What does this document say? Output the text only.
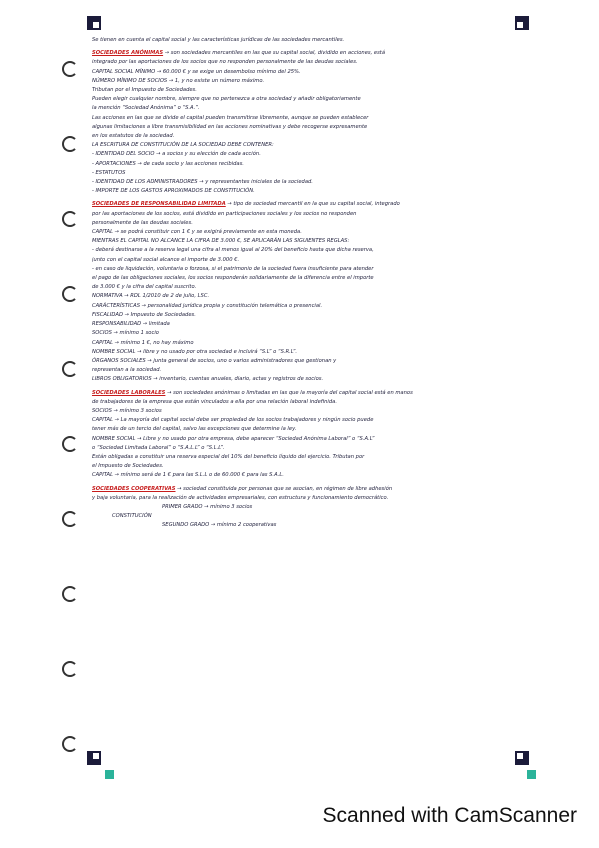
Se tienen en cuenta el capital social y las características jurídicas de las sociedades mercantiles.
SOCIEDADES ANÓNIMAS → son sociedades mercantiles en las que su capital social, dividido en acciones, está
integrado por las aportaciones de los socios que no responden personalmente de las deudas sociales.
CAPITAL SOCIAL MÍNIMO → 60.000 € y se exige un desembolso mínimo del 25%.
NÚMERO MÍNIMO DE SOCIOS → 1, y no existe un número máximo.
Tributan por el Impuesto de Sociedades.
Pueden elegir cualquier nombre, siempre que no pertenezca a otra sociedad y añadir obligatoriamente
la mención “Sociedad Anónima” o “S.A.”.
Las acciones en las que se divide el capital pueden transmitirse libremente, aunque se pueden establecer
algunas limitaciones a libre transmisibilidad en las acciones nominativas y debe recogerse expresamente
en los estatutos de la sociedad.
LA ESCRITURA DE CONSTITUCIÓN DE LA SOCIEDAD DEBE CONTENER:
- IDENTIDAD DEL SOCIO → a socios y su elección de cada acción.
- APORTACIONES → de cada socio y las acciones recibidas.
- ESTATUTOS
- IDENTIDAD DE LOS ADMINISTRADORES → y representantes iniciales de la sociedad.
- IMPORTE DE LOS GASTOS APROXIMADOS DE CONSTITUCIÓN.
SOCIEDADES DE RESPONSABILIDAD LIMITADA → tipo de sociedad mercantil en la que su capital social, integrado
por las aportaciones de los socios, está dividido en participaciones sociales y los socios no responden
personalmente de las deudas sociales.
CAPITAL → se podrá constituir con 1 € y se exigirá previamente en esta moneda.
MIENTRAS EL CAPITAL NO ALCANCE LA CIFRA DE 3.000 €, SE APLICARÁN LAS SIGUIENTES REGLAS:
- deberá destinarse a la reserva legal una cifra al menos igual al 20% del beneficio hasta que dicha reserva,
junto con el capital social alcance el importe de 3.000 €.
- en caso de liquidación, voluntaria o forzosa, si el patrimonio de la sociedad fuera insuficiente para atender
el pago de las obligaciones sociales, los socios responderán solidariamente de la diferencia entre el importe
de 3.000 € y la cifra del capital suscrito.
NORMATIVA → RDL 1/2010 de 2 de julio, LSC.
CARÁCTERÍSTICAS → personalidad jurídica propia y constitución telemática o presencial.
FISCALIDAD → Impuesto de Sociedades.
RESPONSABILIDAD → limitada
SOCIOS → mínimo 1 socio
CAPITAL → mínimo 1 €, no hay máximo
NOMBRE SOCIAL → libre y no usado por otra sociedad e incluirá “S.L” o “S.R.L”.
ÓRGANOS SOCIALES → junta general de socios, uno o varios administradores que gestionan y
representan a la sociedad.
LIBROS OBLIGATORIOS → inventario, cuentas anuales, diario, actas y registros de socios.
SOCIEDADES LABORALES → son sociedades anónimas o limitadas en las que la mayoría del capital social está en manos
de trabajadores de la empresa que están vinculados a ella por una relación laboral indefinida.
SOCIOS → mínimo 3 socios
CAPITAL → La mayoría del capital social debe ser propiedad de los socios trabajadores y ningún socio puede
tener más de un tercio del capital, salvo las excepciones que determine la ley.
NOMBRE SOCIAL → Libre y no usado por otra empresa, debe aparecer “Sociedad Anónima Laboral” o “S.A.L”
o “Sociedad Limitada Laboral” o “S.A.L.L” o “S.L.L”.
Están obligadas a constituir una reserva especial del 10% del beneficio líquido del ejercicio. Tributan por
el Impuesto de Sociedades.
CAPITAL → mínimo será de 1 € para las S.L.L o de 60.000 € para las S.A.L.
SOCIEDADES COOPERATIVAS → sociedad constituida por personas que se asocian, en régimen de libre adhesión
y baja voluntaria, para la realización de actividades empresariales, con estructura y funcionamiento democrático.
PRIMER GRADO → mínimo 3 socios
CONSTITUCIÓN
SEGUNDO GRADO → mínimo 2 cooperativas
Scanned with CamScanner
